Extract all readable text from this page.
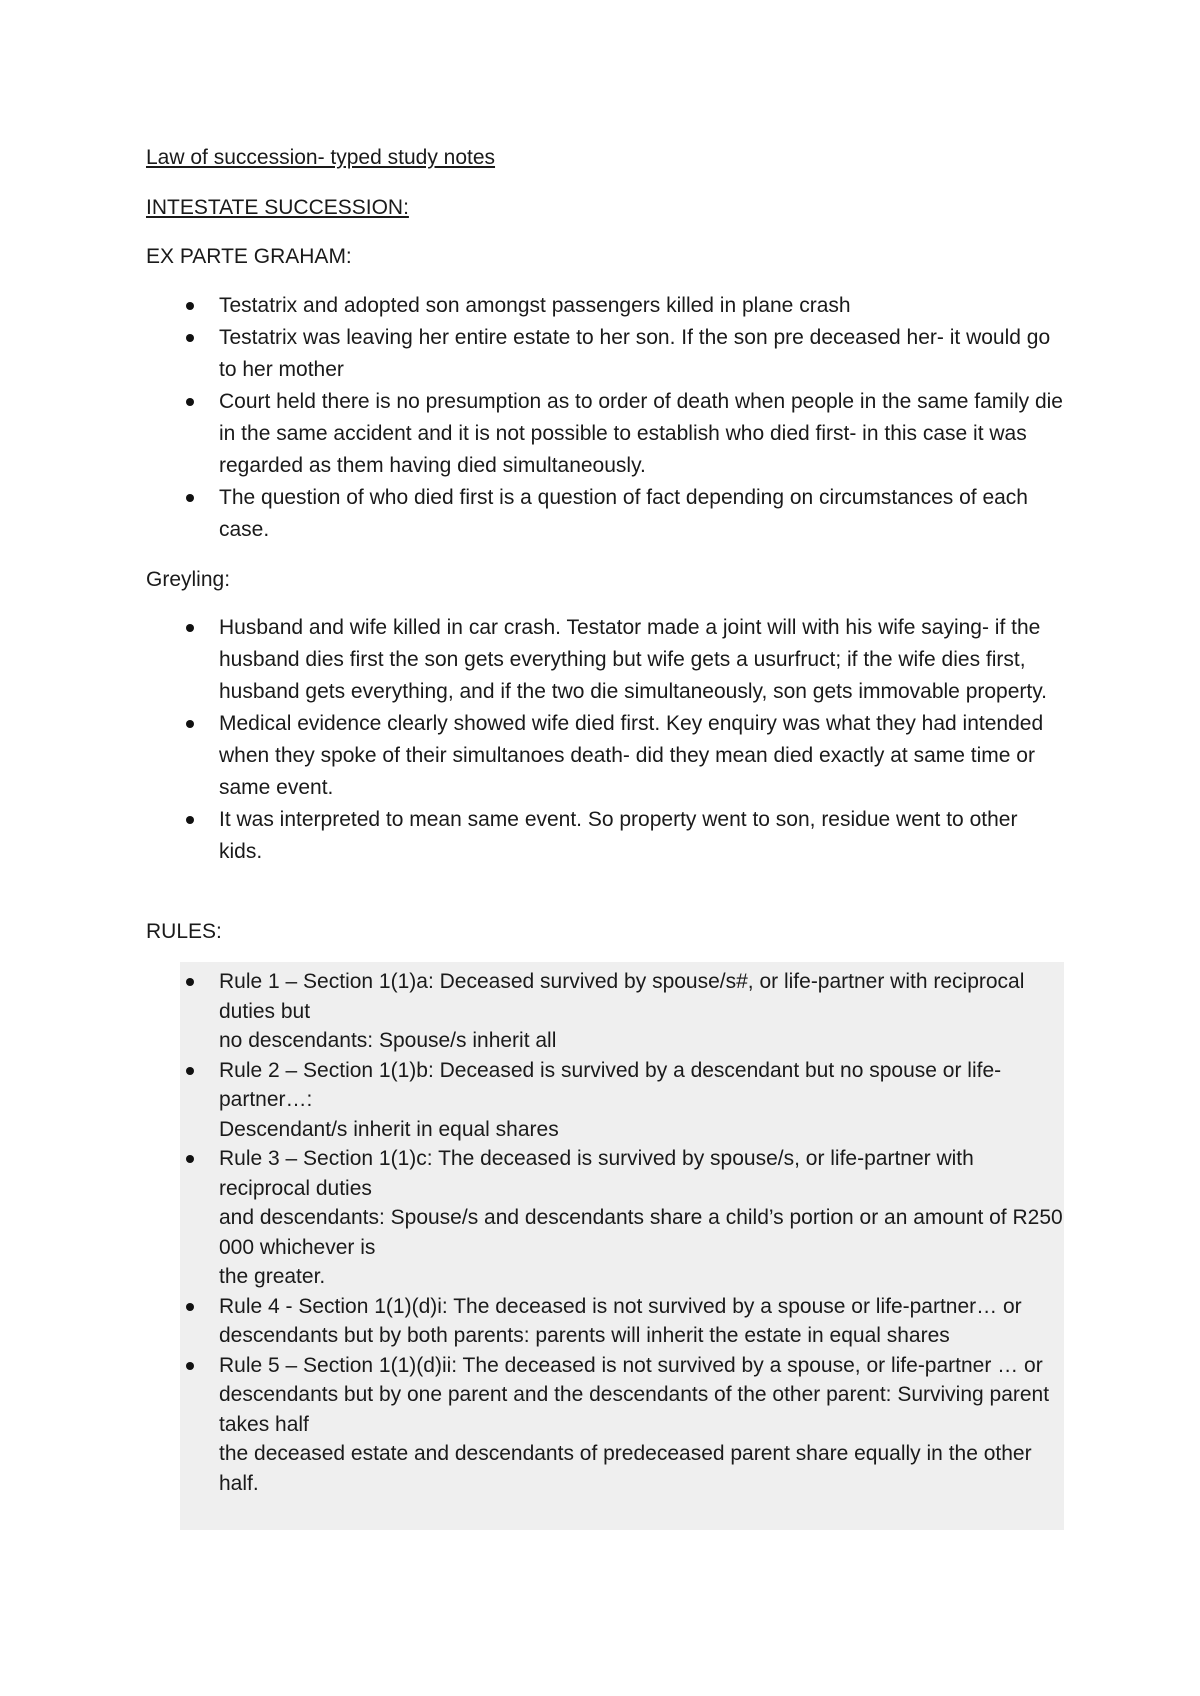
Law of succession- typed study notes
INTESTATE SUCCESSION:
EX PARTE GRAHAM:
Testatrix and adopted son amongst passengers killed in plane crash
Testatrix was leaving her entire estate to her son. If the son pre deceased her- it would go to her mother
Court held there is no presumption as to order of death when people in the same family die in the same accident and it is not possible to establish who died first- in this case it was regarded as them having died simultaneously.
The question of who died first is a question of fact depending on circumstances of each case.
Greyling:
Husband and wife killed in car crash. Testator made a joint will with his wife saying- if the husband dies first the son gets everything but wife gets a usurfruct; if the wife dies first, husband gets everything, and if the two die simultaneously, son gets immovable property.
Medical evidence clearly showed wife died first. Key enquiry was what they had intended when they spoke of their simultanoes death- did they mean died exactly at same time or same event.
It was interpreted to mean same event. So property went to son, residue went to other kids.
RULES:
Rule 1 – Section 1(1)a: Deceased survived by spouse/s#, or life-partner with reciprocal duties but
no descendants: Spouse/s inherit all
Rule 2 – Section 1(1)b: Deceased is survived by a descendant but no spouse or life-partner…:
Descendant/s inherit in equal shares
Rule 3 – Section 1(1)c: The deceased is survived by spouse/s, or life-partner with reciprocal duties
and descendants: Spouse/s and descendants share a child’s portion or an amount of R250 000 whichever is
the greater.
Rule 4 - Section 1(1)(d)i: The deceased is not survived by a spouse or life-partner… or descendants but by both parents: parents will inherit the estate in equal shares
Rule 5 – Section 1(1)(d)ii: The deceased is not survived by a spouse, or life-partner … or
descendants but by one parent and the descendants of the other parent: Surviving parent takes half
the deceased estate and descendants of predeceased parent share equally in the other half.
